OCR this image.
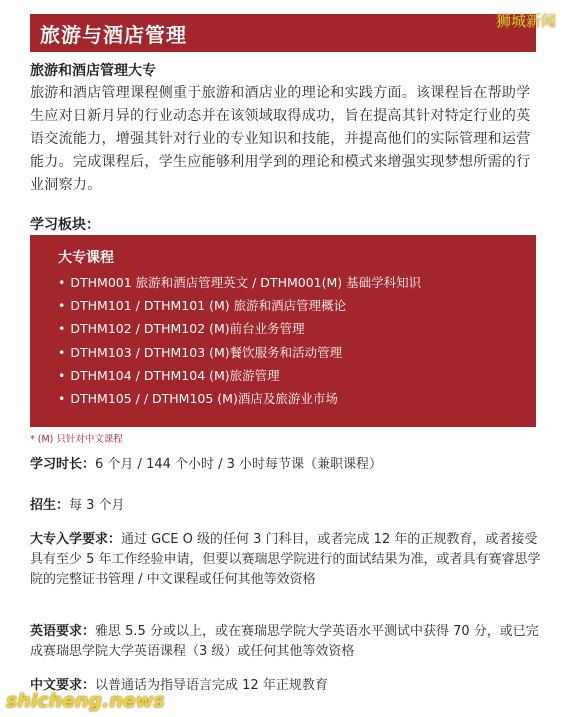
旅游与酒店管理
狮城新闻
旅游和酒店管理大专
旅游和酒店管理课程侧重于旅游和酒店业的理论和实践方面。该课程旨在帮助学生应对日新月异的行业动态并在该领域取得成功，旨在提高其针对特定行业的英语交流能力，增强其针对行业的专业知识和技能，并提高他们的实际管理和运营能力。完成课程后，学生应能够利用学到的理论和模式来增强实现梦想所需的行业洞察力。
学习板块：
大专课程
• DTHM001 旅游和酒店管理英文 / DTHM001(M) 基础学科知识
• DTHM101 / DTHM101 (M) 旅游和酒店管理概论
• DTHM102 / DTHM102 (M)前台业务管理
• DTHM103 / DTHM103 (M)餐饮服务和活动管理
• DTHM104 / DTHM104 (M)旅游管理
• DTHM105 / / DTHM105 (M)酒店及旅游业市场
* (M) 只针对中文课程
学习时长：6 个月 / 144 个小时 / 3 小时每节课（兼职课程）
招生：每 3 个月
大专入学要求：通过 GCE O 级的任何 3 门科目，或者完成 12 年的正规教育，或者接受具有至少 5 年工作经验申请，但要以赛瑞思学院进行的面试结果为准，或者具有赛睿思学院的完整证书管理 / 中文课程或任何其他等效资格
英语要求：雅思 5.5 分或以上，或在赛瑞思学院大学英语水平测试中获得 70 分，或已完成赛瑞思学院大学英语课程（3 级）或任何其他等效资格
中文要求：以普通话为指导语言完成 12 年正规教育
shicheng.news
